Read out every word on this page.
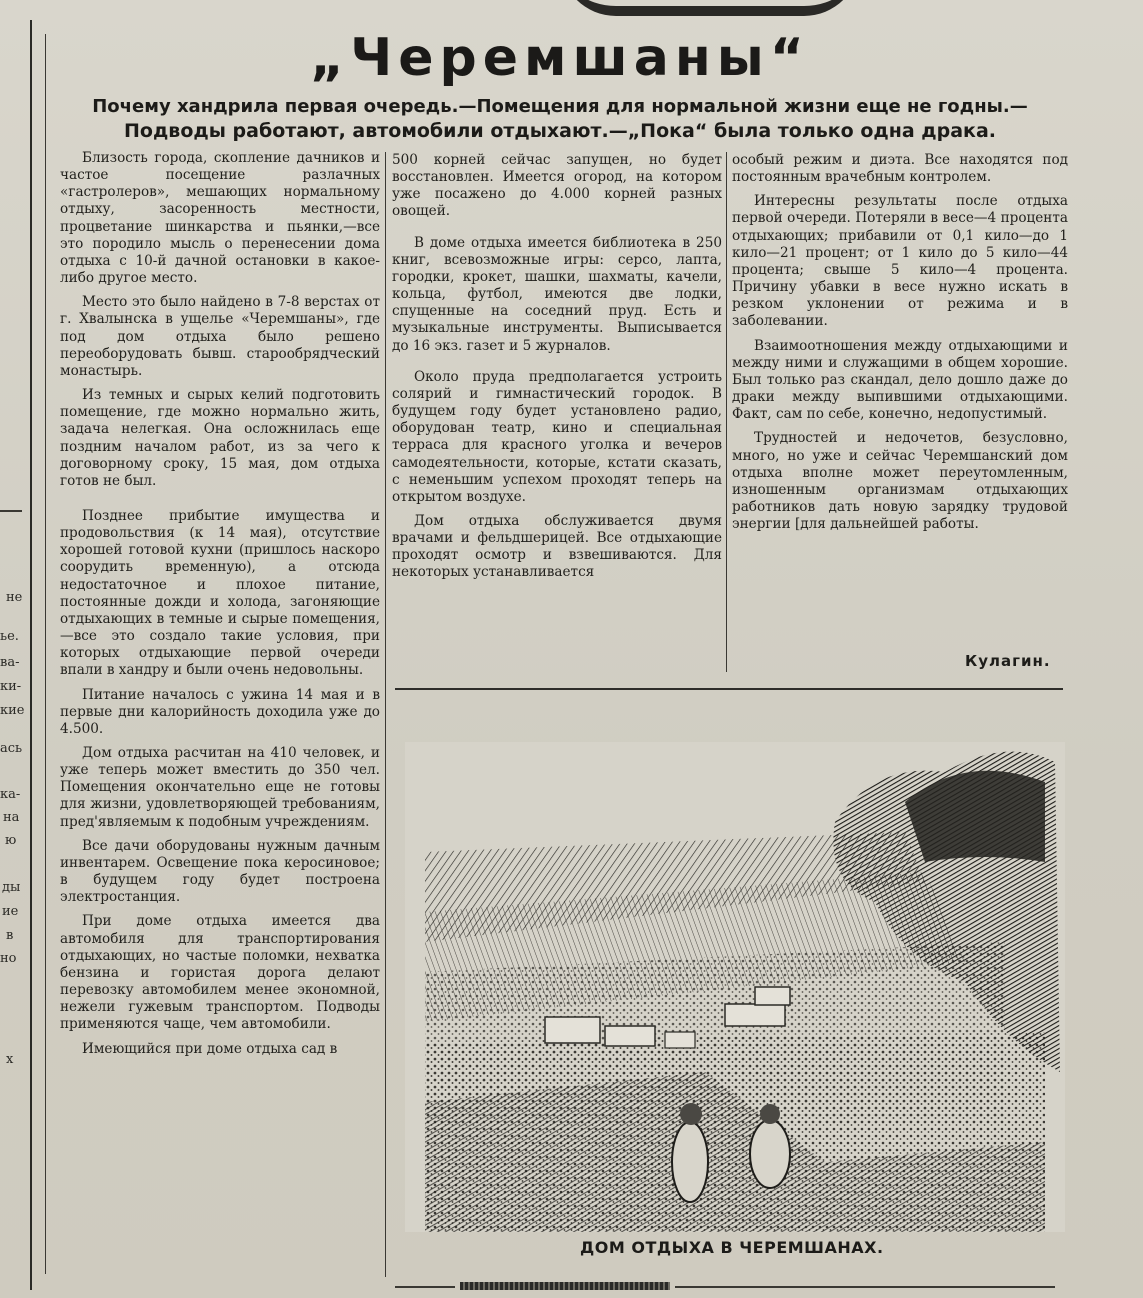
не
ье.
ва-
ки-
кие
ась
ка-
на
ю
ды
ие
в
но
х
„Черемшаны“
Почему хандрила первая очередь.—Помещения для нормальной жизни еще не годны.—
Подводы работают, автомобили отдыхают.—„Пока“ была только одна драка.

Близость города, скопление дачников и частое посещение разлачных «гастролеров», мешающих нормальному отдыху, засоренность местности, процветание шинкарства и пьянки,—все это породило мысль о перенесении дома отдыха с 10-й дачной остановки в какое-либо другое место.

Место это было найдено в 7-8 верстах от г. Хвалынска в ущелье «Черемшаны», где под дом отдыха было решено переоборудовать бывш. старообрядческий монастырь.

Из темных и сырых келий подготовить помещение, где можно нормально жить, задача нелегкая. Она осложнилась еще поздним началом работ, из за чего к договорному сроку, 15 мая, дом отдыха готов не был.

Позднее прибытие имущества и продовольствия (к 14 мая), отсутствие хорошей готовой кухни (пришлось наскоро соорудить временную), а отсюда недостаточное и плохое питание, постоянные дожди и холода, загоняющие отдыхающих в темные и сырые помещения,—все это создало такие условия, при которых отдыхающие первой очереди впали в хандру и были очень недовольны.

Питание началось с ужина 14 мая и в первые дни калорийность доходила уже до 4.500.

Дом отдыха расчитан на 410 человек, и уже теперь может вместить до 350 чел. Помещения окончательно еще не готовы для жизни, удовлетворяющей требованиям, пред'являемым к подобным учреждениям.

Все дачи оборудованы нужным дачным инвентарем. Освещение пока керосиновое; в будущем году будет построена электростанция.

При доме отдыха имеется два автомобиля для транспортирования отдыхающих, но частые поломки, нехватка бензина и гористая дорога делают перевозку автомобилем менее экономной, нежели гужевым транспортом. Подводы применяются чаще, чем автомобили.

Имеющийся при доме отдыха сад в

500 корней сейчас запущен, но будет восстановлен. Имеется огород, на котором уже посажено до 4.000 корней разных овощей.

В доме отдыха имеется библиотека в 250 книг, всевозможные игры: серсо, лапта, городки, крокет, шашки, шахматы, качели, кольца, футбол, имеются две лодки, спущенные на соседний пруд. Есть и музыкальные инструменты. Выписывается до 16 экз. газет и 5 журналов.

Около пруда предполагается устроить солярий и гимнастический городок. В будущем году будет установлено радио, оборудован театр, кино и специальная терраса для красного уголка и вечеров самодеятельности, которые, кстати сказать, с неменьшим успехом проходят теперь на открытом воздухе.

Дом отдыха обслуживается двумя врачами и фельдшерицей. Все отдыхающие проходят осмотр и взвешиваются. Для некоторых устанавливается

особый режим и диэта. Все находятся под постоянным врачебным контролем.

Интересны результаты после отдыха первой очереди. Потеряли в весе—4 процента отдыхающих; прибавили от 0,1 кило—до 1 кило—21 процент; от 1 кило до 5 кило—44 процента; свыше 5 кило—4 процента. Причину убавки в весе нужно искать в резком уклонении от режима и в заболевании.

Взаимоотношения между отдыхающими и между ними и служащими в общем хорошие. Был только раз скандал, дело дошло даже до драки между выпившими отдыхающими. Факт, сам по себе, конечно, недопустимый.

Трудностей и недочетов, безусловно, много, но уже и сейчас Черемшанский дом отдыха вполне может переутомленным, изношенным организмам отдыхающих работников дать новую зарядку трудовой энергии [для дальнейшей работы.

Кулагин.
ДОМ ОТДЫХА В ЧЕРЕМШАНАХ.
